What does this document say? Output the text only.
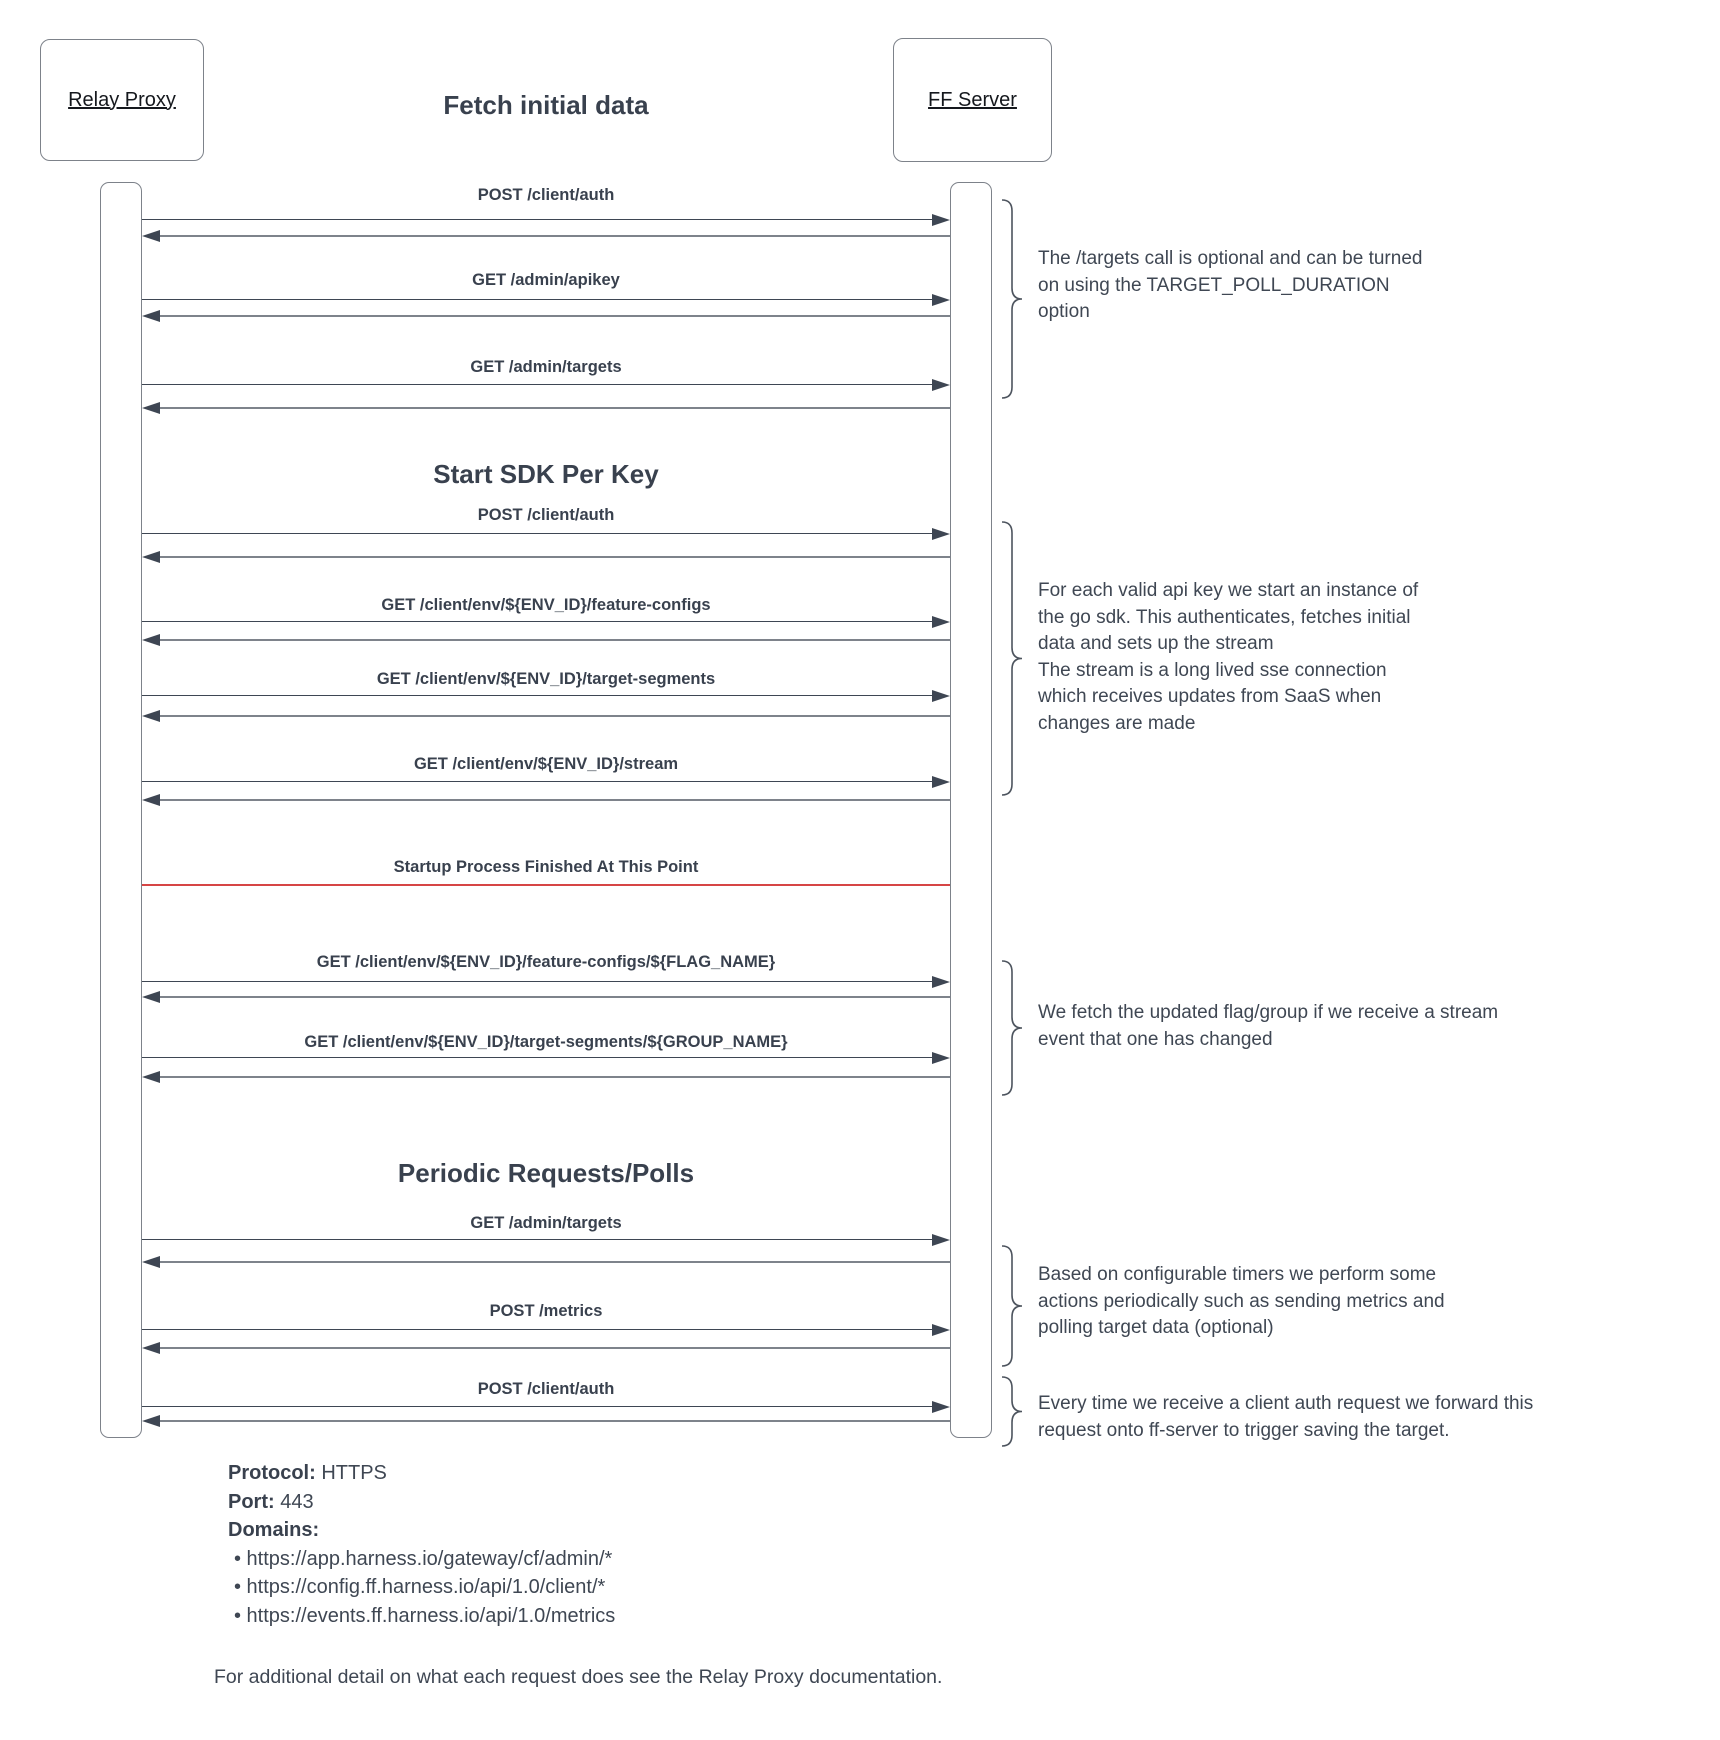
Relay Proxy	FF Server
Fetch initial data
POST /client/auth
GET /admin/apikey
GET /admin/targets
POST /client/auth
GET /client/env/${ENV_ID}/feature-configs
GET /client/env/${ENV_ID}/target-segments
GET /client/env/${ENV_ID}/stream
GET /client/env/${ENV_ID}/feature-configs/${FLAG_NAME}
GET /client/env/${ENV_ID}/target-segments/${GROUP_NAME}
GET /admin/targets
POST /metrics
POST /client/auth
Start SDK Per Key
Periodic Requests/Polls
Startup Process Finished At This Point
The /targets call is optional and can be turned
on using the TARGET_POLL_DURATION
option
For each valid api key we start an instance of
the go sdk. This authenticates, fetches initial
data and sets up the stream
The stream is a long lived sse connection
which receives updates from SaaS when
changes are made
We fetch the updated flag/group if we receive a stream
event that one has changed
Based on configurable timers we perform some
actions periodically such as sending metrics and
polling target data (optional)
Every time we receive a client auth request we forward this
request onto ff-server to trigger saving the target.
Protocol: HTTPS
Port: 443
Domains:
• https://app.harness.io/gateway/cf/admin/*
• https://config.ff.harness.io/api/1.0/client/*
• https://events.ff.harness.io/api/1.0/metrics
For additional detail on what each request does see the Relay Proxy documentation.
